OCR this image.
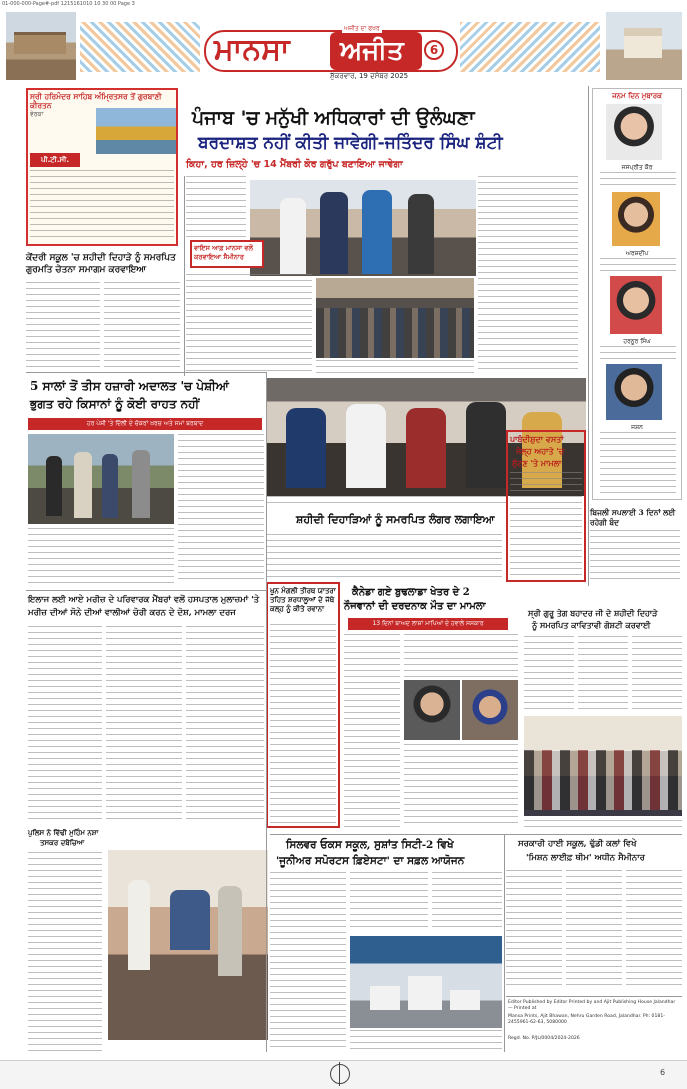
01-000-000-Page#-pdf 1215161010 10 30 00 Page 3
ਮਾਨਸਾ
ਅਜੀਤ ਦਾ ਫਖਰ
ਅਜੀਤ	6
ਸ਼ੁੱਕਰਵਾਰ, 19 ਦਸੰਬਰ 2025
ਸ੍ਰੀ ਹਰਿਮੰਦਰ ਸਾਹਿਬ ਅੰਮ੍ਰਿਤਸਰ ਤੋਂ ਗੁਰਬਾਣੀ ਕੀਰਤਨ
ਵੇਰਕਾ
ਪੀ.ਟੀ.ਸੀ.
ਕੇਂਦਰੀ ਸਕੂਲ 'ਚ ਸ਼ਹੀਦੀ ਦਿਹਾੜੇ ਨੂੰ ਸਮਰਪਿਤ ਗੁਰਮਤਿ ਚੇਤਨਾ ਸਮਾਗਮ ਕਰਵਾਇਆ
5 ਸਾਲਾਂ ਤੋਂ ਤੀਸ ਹਜ਼ਾਰੀ ਅਦਾਲਤ 'ਚ ਪੇਸ਼ੀਆਂ
ਭੁਗਤ ਰਹੇ ਕਿਸਾਨਾਂ ਨੂੰ ਕੋਈ ਰਾਹਤ ਨਹੀਂ
ਹਰ ਪੇਸ਼ੀ 'ਤੇ ਦਿੱਲੀ ਦੇ ਚੱਕਰਾਂ ਖ਼ਰਚ ਅਤੇ ਸਮਾਂ ਬਰਬਾਦ
ਇਲਾਜ ਲਈ ਆਏ ਮਰੀਜ਼ ਦੇ ਪਰਿਵਾਰਕ ਮੈਂਬਰਾਂ ਵਲੋਂ ਹਸਪਤਾਲ ਮੁਲਾਜ਼ਮਾਂ 'ਤੇ ਮਰੀਜ਼ ਦੀਆਂ ਸੋਨੇ ਦੀਆਂ ਵਾਲੀਆਂ ਚੋਰੀ ਕਰਨ ਦੇ ਦੋਸ਼, ਮਾਮਲਾ ਦਰਜ
ਪੁਲਿਸ ਨੇ ਵਿੱਢੀ ਮੁਹਿੰਮ ਨਸ਼ਾ
ਤਸਕਰ ਦਬੋਚਿਆ
ਪੰਜਾਬ 'ਚ ਮਨੁੱਖੀ ਅਧਿਕਾਰਾਂ ਦੀ ਉਲੰਘਣਾ
ਬਰਦਾਸ਼ਤ ਨਹੀਂ ਕੀਤੀ ਜਾਵੇਗੀ-ਜਤਿੰਦਰ ਸਿੰਘ ਸ਼ੰਟੀ
ਕਿਹਾ, ਹਰ ਜ਼ਿਲ੍ਹੇ 'ਚ 14 ਮੈਂਬਰੀ ਕੋਰ ਗਰੁੱਪ ਬਣਾਇਆ ਜਾਵੇਗਾ
ਵਾਇਸ ਆਫ਼ ਮਾਨਸਾ ਵਲੋਂ ਕਰਵਾਇਆ ਸੈਮੀਨਾਰ
ਜਨਮ ਦਿਨ ਮੁਬਾਰਕ
ਜਸਪ੍ਰੀਤ ਕੌਰ
ਅਰਸ਼ਦੀਪ
ਹਰਨੂਰ ਸਿੰਘ
ਜਸ਼ਨ
ਪਾਬੰਦੀਸ਼ੁਦਾ ਵਸਤਾਂ
ਜੇਲ੍ਹ ਅਹਾਤੇ 'ਚ
ਸੁੱਟਣ 'ਤੇ ਮਾਮਲਾ
ਬਿਜਲੀ ਸਪਲਾਈ 3 ਦਿਨਾਂ ਲਈ ਰਹੇਗੀ ਬੰਦ
ਸ਼ਹੀਦੀ ਦਿਹਾੜਿਆਂ ਨੂੰ ਸਮਰਪਿਤ ਲੰਗਰ ਲਗਾਇਆ
ਖੂਨ ਮੰਗਲੀ ਤੀਰਥ ਯਾਤਰਾ ਤਹਿਤ ਸ਼ਰਧਾਲੂਆਂ ਦੇ ਜੱਥੇ ਕਲ੍ਹ ਨੂੰ ਕੀਤੇ ਰਵਾਨਾ
ਕੈਨੇਡਾ ਗਏ ਬੁਢਲਾਡਾ ਖੇਤਰ ਦੇ 2
ਨੌਜਵਾਨਾਂ ਦੀ ਦਰਦਨਾਕ ਮੌਤ ਦਾ ਮਾਮਲਾ
13 ਦਿਨਾਂ ਬਾਅਦ ਲਾਸ਼ਾਂ ਮਾਪਿਆਂ ਦੇ ਹਵਾਲੇ ਸਸਕਾਰ
ਸ੍ਰੀ ਗੁਰੂ ਤੇਗ ਬਹਾਦਰ ਜੀ ਦੇ ਸ਼ਹੀਦੀ ਦਿਹਾੜੇ
ਨੂੰ ਸਮਰਪਿਤ ਕਾਵਿਤਾਵੀ ਗੋਸ਼ਟੀ ਕਰਵਾਈ
ਸਿਲਵਰ ਓਕਸ ਸਕੂਲ, ਸੁਸ਼ਾਂਤ ਸਿਟੀ-2 ਵਿਖੇ
'ਜੂਨੀਅਰ ਸਪੋਰਟਸ ਫ਼ਿਏਸਟਾ' ਦਾ ਸਫ਼ਲ ਆਯੋਜਨ
ਸਰਕਾਰੀ ਹਾਈ ਸਕੂਲ, ਢੁੱਡੀ ਕਲਾਂ ਵਿਖੇ
'ਮਿਸ਼ਨ ਲਾਈਫ਼ ਥੀਮ' ਅਧੀਨ ਸੈਮੀਨਾਰ
Editor Published by Editor Printed by and Ajit Publishing House Jalandhar — Printed at
Mansa Prints, Ajit Bhawan, Nehru Garden Road, Jalandhar. Ph: 0181-2455961-62-63, 5080000
Regd. No. P/JL/0004/2024-2026
6
